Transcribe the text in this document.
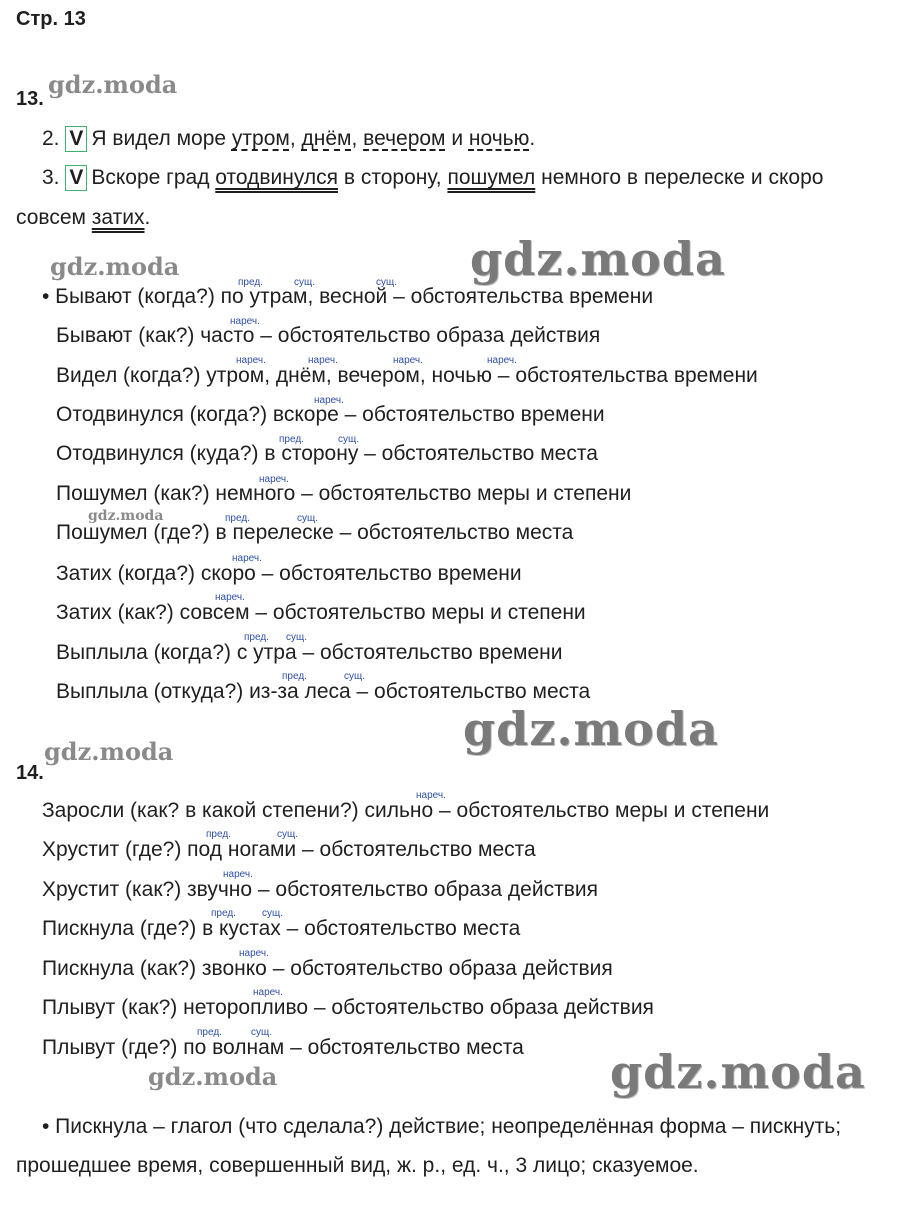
Стр. 13
13. gdz.moda
2. V Я видел море утром, днём, вечером и ночью.
3. V Вскоре град отодвинулся в сторону, пошумел немного в перелеске и скоро
совсем затих.
gdz.moda
gdz.moda
пред.	сущ.	сущ.
• Бывают (когда?) по утрам, весной – обстоятельства времени
нареч.
Бывают (как?) часто – обстоятельство образа действия
нареч.	нареч.	нареч.	нареч.
Видел (когда?) утром, днём, вечером, ночью – обстоятельства времени
нареч.
Отодвинулся (когда?) вскоре – обстоятельство времени
пред.	сущ.
Отодвинулся (куда?) в сторону – обстоятельство места
нареч.
Пошумел (как?) немного – обстоятельство меры и степени
gdz.moda	пред.	сущ.
Пошумел (где?) в перелеске – обстоятельство места
нареч.
Затих (когда?) скоро – обстоятельство времени
нареч.
Затих (как?) совсем – обстоятельство меры и степени
пред. сущ.
Выплыла (когда?) с утра – обстоятельство времени
пред.	сущ.
Выплыла (откуда?) из-за леса – обстоятельство места
gdz.moda
gdz.moda
14.
нареч.
Заросли (как? в какой степени?) сильно – обстоятельство меры и степени
пред.	сущ.
Хрустит (где?) под ногами – обстоятельство места
нареч.
Хрустит (как?) звучно – обстоятельство образа действия
пред.	сущ.
Пискнула (где?) в кустах – обстоятельство места
нареч.
Пискнула (как?) звонко – обстоятельство образа действия
нареч.
Плывут (как?) неторопливо – обстоятельство образа действия
пред.	сущ.
Плывут (где?) по волнам – обстоятельство места gdz.moda
gdz.moda
• Пискнула – глагол (что сделала?) действие; неопределённая форма – пискнуть;
прошедшее время, совершенный вид, ж. р., ед. ч., 3 лицо; сказуемое.
